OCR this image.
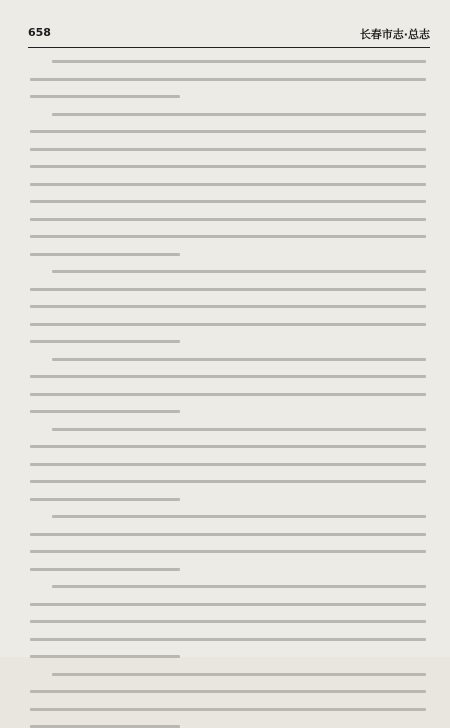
658	长春市志·总志
